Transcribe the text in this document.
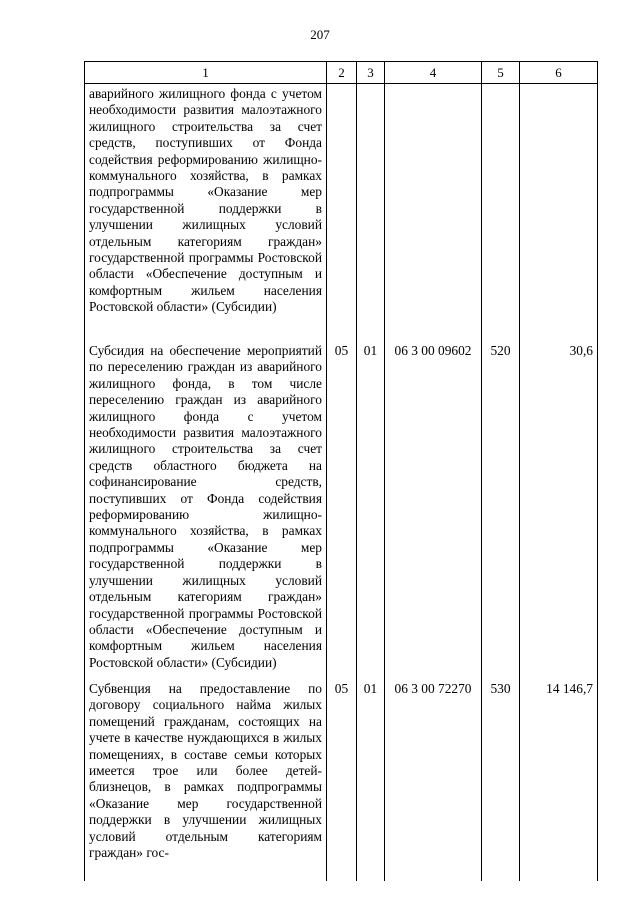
207
1	2	3	4	5	6
аварийного жилищного фонда с учетом необходимости развития малоэтажного жилищного строительства за счет средств, поступивших от Фонда содействия реформированию жилищно-коммунального хозяйства, в рамках подпрограммы «Оказание мер государственной поддержки в улучшении жилищных условий отдельным категориям граждан» государственной программы Ростовской области «Обеспечение доступным и комфортным жильем населения Ростовской области» (Субсидии)					
Субсидия на обеспечение мероприятий по переселению граждан из аварийного жилищного фонда, в том числе переселению граждан из аварийного жилищного фонда с учетом необходимости развития малоэтажного жилищного строительства за счет средств областного бюджета на софинансирование средств, поступивших от Фонда содействия реформированию жилищно-коммунального хозяйства, в рамках подпрограммы «Оказание мер государственной поддержки в улучшении жилищных условий отдельным категориям граждан» государственной программы Ростовской области «Обеспечение доступным и комфортным жильем населения Ростовской области» (Субсидии)	05	01	06 3 00 09602	520	30,6
Субвенция на предоставление по договору социального найма жилых помещений гражданам, состоящих на учете в качестве нуждающихся в жилых помещениях, в составе семьи которых имеется трое или более детей-близнецов, в рамках подпрограммы «Оказание мер государственной поддержки в улучшении жилищных условий отдельным категориям граждан» гос-	05	01	06 3 00 72270	530	14 146,7
